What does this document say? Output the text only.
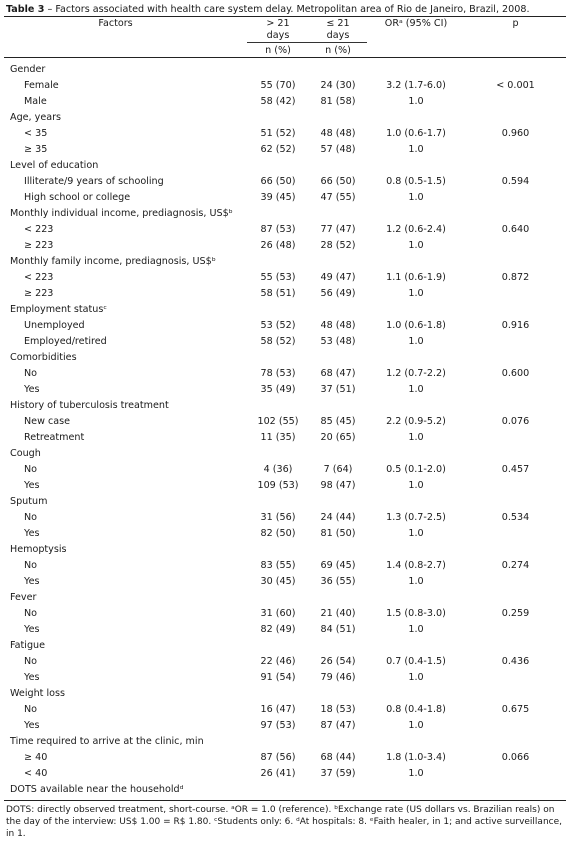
Table 3 – Factors associated with health care system delay. Metropolitan area of Rio de Janeiro, Brazil, 2008.
Factors	> 21	≤ 21	ORᵃ (95% CI)	p
	days	days		
	n (%)	n (%)		
Gender				
Female	55 (70)	24 (30)	3.2 (1.7-6.0)	< 0.001
Male	58 (42)	81 (58)	1.0	
Age, years				
< 35	51 (52)	48 (48)	1.0 (0.6-1.7)	0.960
≥ 35	62 (52)	57 (48)	1.0	
Level of education				
Illiterate/9 years of schooling	66 (50)	66 (50)	0.8 (0.5-1.5)	0.594
High school or college	39 (45)	47 (55)	1.0	
Monthly individual income, prediagnosis, US$ᵇ				
< 223	87 (53)	77 (47)	1.2 (0.6-2.4)	0.640
≥ 223	26 (48)	28 (52)	1.0	
Monthly family income, prediagnosis, US$ᵇ				
< 223	55 (53)	49 (47)	1.1 (0.6-1.9)	0.872
≥ 223	58 (51)	56 (49)	1.0	
Employment statusᶜ				
Unemployed	53 (52)	48 (48)	1.0 (0.6-1.8)	0.916
Employed/retired	58 (52)	53 (48)	1.0	
Comorbidities				
No	78 (53)	68 (47)	1.2 (0.7-2.2)	0.600
Yes	35 (49)	37 (51)	1.0	
History of tuberculosis treatment				
New case	102 (55)	85 (45)	2.2 (0.9-5.2)	0.076
Retreatment	11 (35)	20 (65)	1.0	
Cough				
No	4 (36)	7 (64)	0.5 (0.1-2.0)	0.457
Yes	109 (53)	98 (47)	1.0	
Sputum				
No	31 (56)	24 (44)	1.3 (0.7-2.5)	0.534
Yes	82 (50)	81 (50)	1.0	
Hemoptysis				
No	83 (55)	69 (45)	1.4 (0.8-2.7)	0.274
Yes	30 (45)	36 (55)	1.0	
Fever				
No	31 (60)	21 (40)	1.5 (0.8-3.0)	0.259
Yes	82 (49)	84 (51)	1.0	
Fatigue				
No	22 (46)	26 (54)	0.7 (0.4-1.5)	0.436
Yes	91 (54)	79 (46)	1.0	
Weight loss				
No	16 (47)	18 (53)	0.8 (0.4-1.8)	0.675
Yes	97 (53)	87 (47)	1.0	
Time required to arrive at the clinic, min				
≥ 40	87 (56)	68 (44)	1.8 (1.0-3.4)	0.066
< 40	26 (41)	37 (59)	1.0	
DOTS available near the householdᵈ				
DOTS: directly observed treatment, short-course. ᵃOR = 1.0 (reference). ᵇExchange rate (US dollars vs. Brazilian reals) on the day of the interview: US$ 1.00 = R$ 1.80. ᶜStudents only: 6. ᵈAt hospitals: 8. ᵉFaith healer, in 1; and active surveillance, in 1.
